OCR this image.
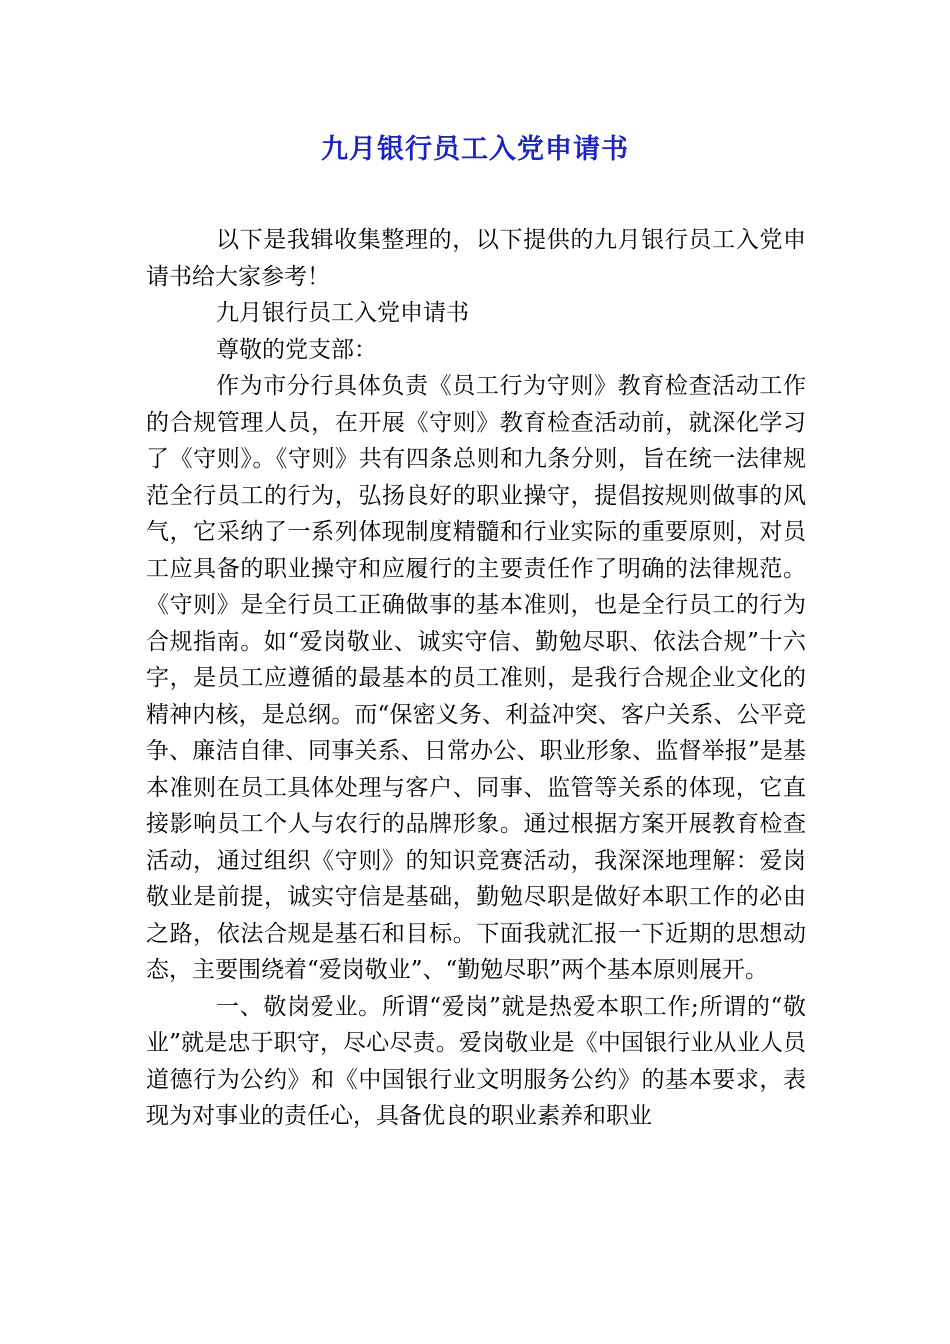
九月银行员工入党申请书

以下是我辑收集整理的，以下提供的九月银行员工入党申请书给大家参考！

九月银行员工入党申请书

尊敬的党支部：

作为市分行具体负责《员工行为守则》教育检查活动工作的合规管理人员，在开展《守则》教育检查活动前，就深化学习了《守则》。《守则》共有四条总则和九条分则，旨在统一法律规范全行员工的行为，弘扬良好的职业操守，提倡按规则做事的风气，它采纳了一系列体现制度精髓和行业实际的重要原则，对员工应具备的职业操守和应履行的主要责任作了明确的法律规范。《守则》是全行员工正确做事的基本准则，也是全行员工的行为合规指南。如“爱岗敬业、诚实守信、勤勉尽职、依法合规”十六字，是员工应遵循的最基本的员工准则，是我行合规企业文化的精神内核，是总纲。而“保密义务、利益冲突、客户关系、公平竞争、廉洁自律、同事关系、日常办公、职业形象、监督举报”是基本准则在员工具体处理与客户、同事、监管等关系的体现，它直接影响员工个人与农行的品牌形象。通过根据方案开展教育检查活动，通过组织《守则》的知识竞赛活动，我深深地理解：爱岗敬业是前提，诚实守信是基础，勤勉尽职是做好本职工作的必由之路，依法合规是基石和目标。下面我就汇报一下近期的思想动态，主要围绕着“爱岗敬业”、“勤勉尽职”两个基本原则展开。

一、敬岗爱业。所谓“爱岗”就是热爱本职工作;所谓的“敬业”就是忠于职守，尽心尽责。爱岗敬业是《中国银行业从业人员道德行为公约》和《中国银行业文明服务公约》的基本要求，表现为对事业的责任心，具备优良的职业素养和职业
